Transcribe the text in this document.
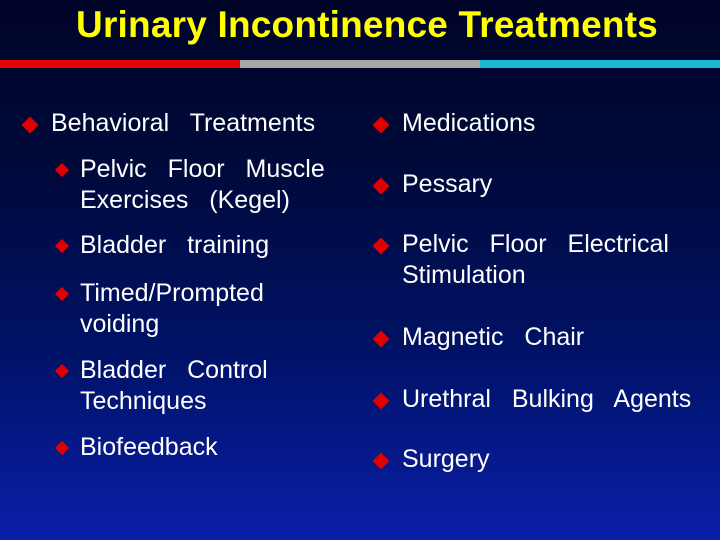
Urinary Incontinence Treatments
Behavioral Treatments
Pelvic Floor Muscle
Exercises (Kegel)
Bladder training
Timed/Prompted
voiding
Bladder Control
Techniques
Biofeedback
Medications
Pessary
Pelvic Floor Electrical
Stimulation
Magnetic Chair
Urethral Bulking Agents
Surgery
